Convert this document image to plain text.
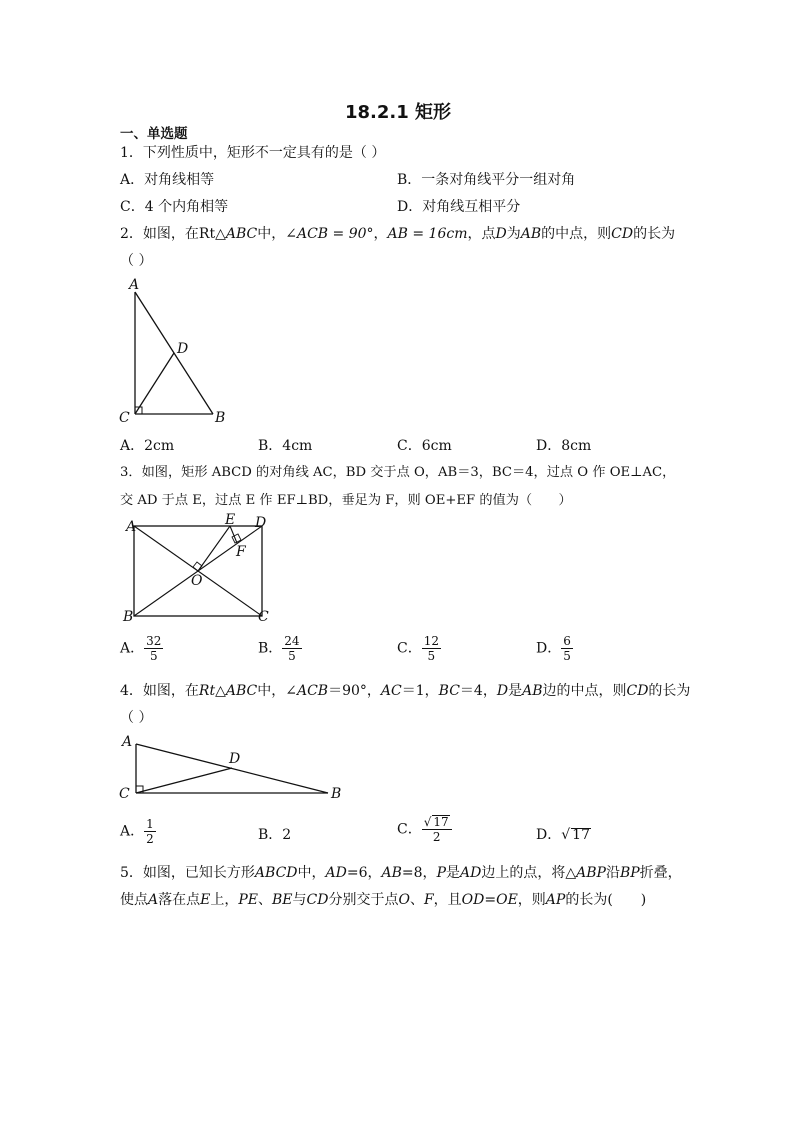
18.2.1 矩形
一、单选题
1．下列性质中，矩形不一定具有的是（ ）
A．对角线相等	B．一条对角线平分一组对角
C．4 个内角相等	D．对角线互相平分
2．如图，在Rt△ABC中，∠ACB = 90°，AB = 16cm，点D为AB的中点，则CD的长为
（ ）
A
D
C	B
A．2cm	B．4cm	C．6cm	D．8cm
3．如图，矩形 ABCD 的对角线 AC，BD 交于点 O，AB＝3，BC＝4，过点 O 作 OE⊥AC，
交 AD 于点 E，过点 E 作 EF⊥BD，垂足为 F，则 OE+EF 的值为（　　）
A	E D
F
O
B	C
A． $\frac{32}{5}$	B． $\frac{24}{5}$	C． $\frac{12}{5}$	D． $\frac{6}{5}$
4．如图，在Rt△ABC中，∠ACB＝90°，AC＝1，BC＝4，D是AB边的中点，则CD的长为
（ ）
A
D
C	B
A． $\frac{1}{2}$	B．2	C． $\frac{√ 17}{2}$	D．√ 17
5．如图，已知长方形ABCD中，AD=6，AB=8，P是AD边上的点，将△ABP沿BP折叠，
使点A落在点E上，PE、BE与CD分别交于点O、F，且OD=OE，则AP的长为(　　)
